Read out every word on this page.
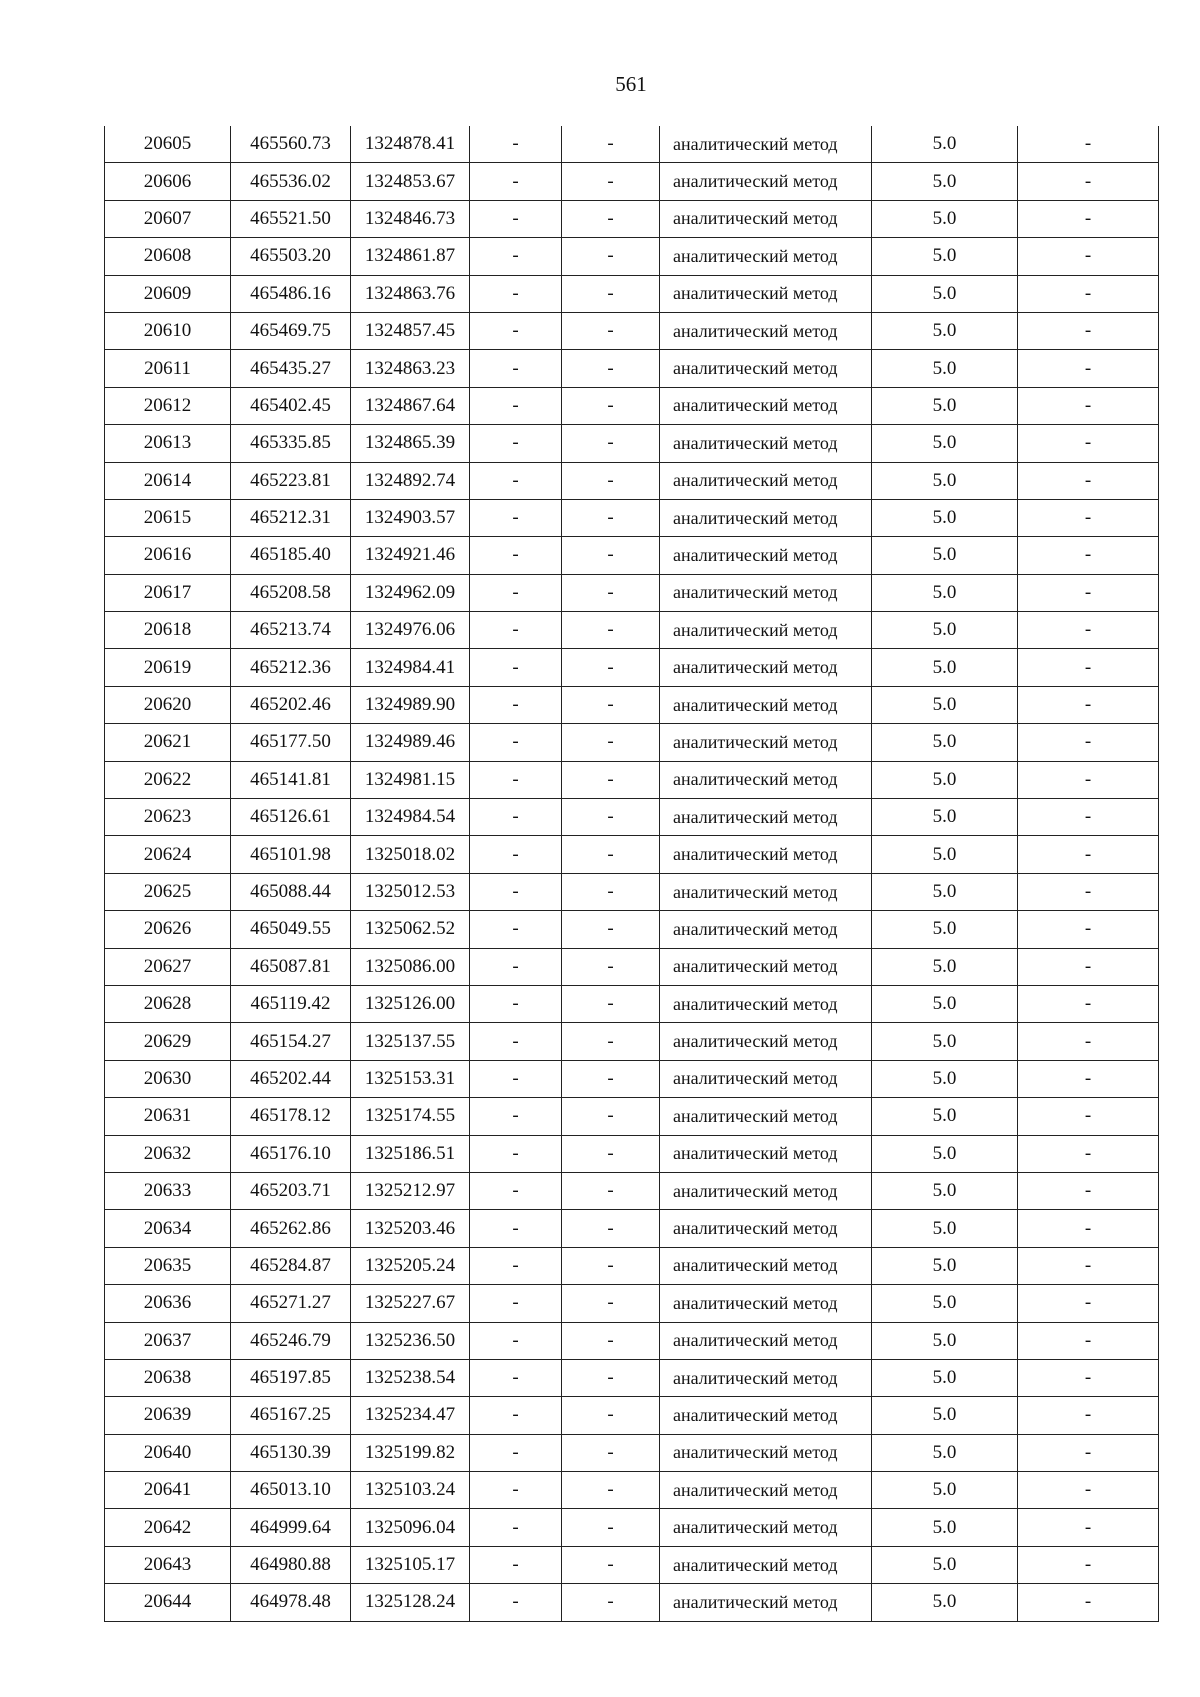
561
20605	465560.73	1324878.41	-	-	аналитический метод	5.0	-
20606	465536.02	1324853.67	-	-	аналитический метод	5.0	-
20607	465521.50	1324846.73	-	-	аналитический метод	5.0	-
20608	465503.20	1324861.87	-	-	аналитический метод	5.0	-
20609	465486.16	1324863.76	-	-	аналитический метод	5.0	-
20610	465469.75	1324857.45	-	-	аналитический метод	5.0	-
20611	465435.27	1324863.23	-	-	аналитический метод	5.0	-
20612	465402.45	1324867.64	-	-	аналитический метод	5.0	-
20613	465335.85	1324865.39	-	-	аналитический метод	5.0	-
20614	465223.81	1324892.74	-	-	аналитический метод	5.0	-
20615	465212.31	1324903.57	-	-	аналитический метод	5.0	-
20616	465185.40	1324921.46	-	-	аналитический метод	5.0	-
20617	465208.58	1324962.09	-	-	аналитический метод	5.0	-
20618	465213.74	1324976.06	-	-	аналитический метод	5.0	-
20619	465212.36	1324984.41	-	-	аналитический метод	5.0	-
20620	465202.46	1324989.90	-	-	аналитический метод	5.0	-
20621	465177.50	1324989.46	-	-	аналитический метод	5.0	-
20622	465141.81	1324981.15	-	-	аналитический метод	5.0	-
20623	465126.61	1324984.54	-	-	аналитический метод	5.0	-
20624	465101.98	1325018.02	-	-	аналитический метод	5.0	-
20625	465088.44	1325012.53	-	-	аналитический метод	5.0	-
20626	465049.55	1325062.52	-	-	аналитический метод	5.0	-
20627	465087.81	1325086.00	-	-	аналитический метод	5.0	-
20628	465119.42	1325126.00	-	-	аналитический метод	5.0	-
20629	465154.27	1325137.55	-	-	аналитический метод	5.0	-
20630	465202.44	1325153.31	-	-	аналитический метод	5.0	-
20631	465178.12	1325174.55	-	-	аналитический метод	5.0	-
20632	465176.10	1325186.51	-	-	аналитический метод	5.0	-
20633	465203.71	1325212.97	-	-	аналитический метод	5.0	-
20634	465262.86	1325203.46	-	-	аналитический метод	5.0	-
20635	465284.87	1325205.24	-	-	аналитический метод	5.0	-
20636	465271.27	1325227.67	-	-	аналитический метод	5.0	-
20637	465246.79	1325236.50	-	-	аналитический метод	5.0	-
20638	465197.85	1325238.54	-	-	аналитический метод	5.0	-
20639	465167.25	1325234.47	-	-	аналитический метод	5.0	-
20640	465130.39	1325199.82	-	-	аналитический метод	5.0	-
20641	465013.10	1325103.24	-	-	аналитический метод	5.0	-
20642	464999.64	1325096.04	-	-	аналитический метод	5.0	-
20643	464980.88	1325105.17	-	-	аналитический метод	5.0	-
20644	464978.48	1325128.24	-	-	аналитический метод	5.0	-
